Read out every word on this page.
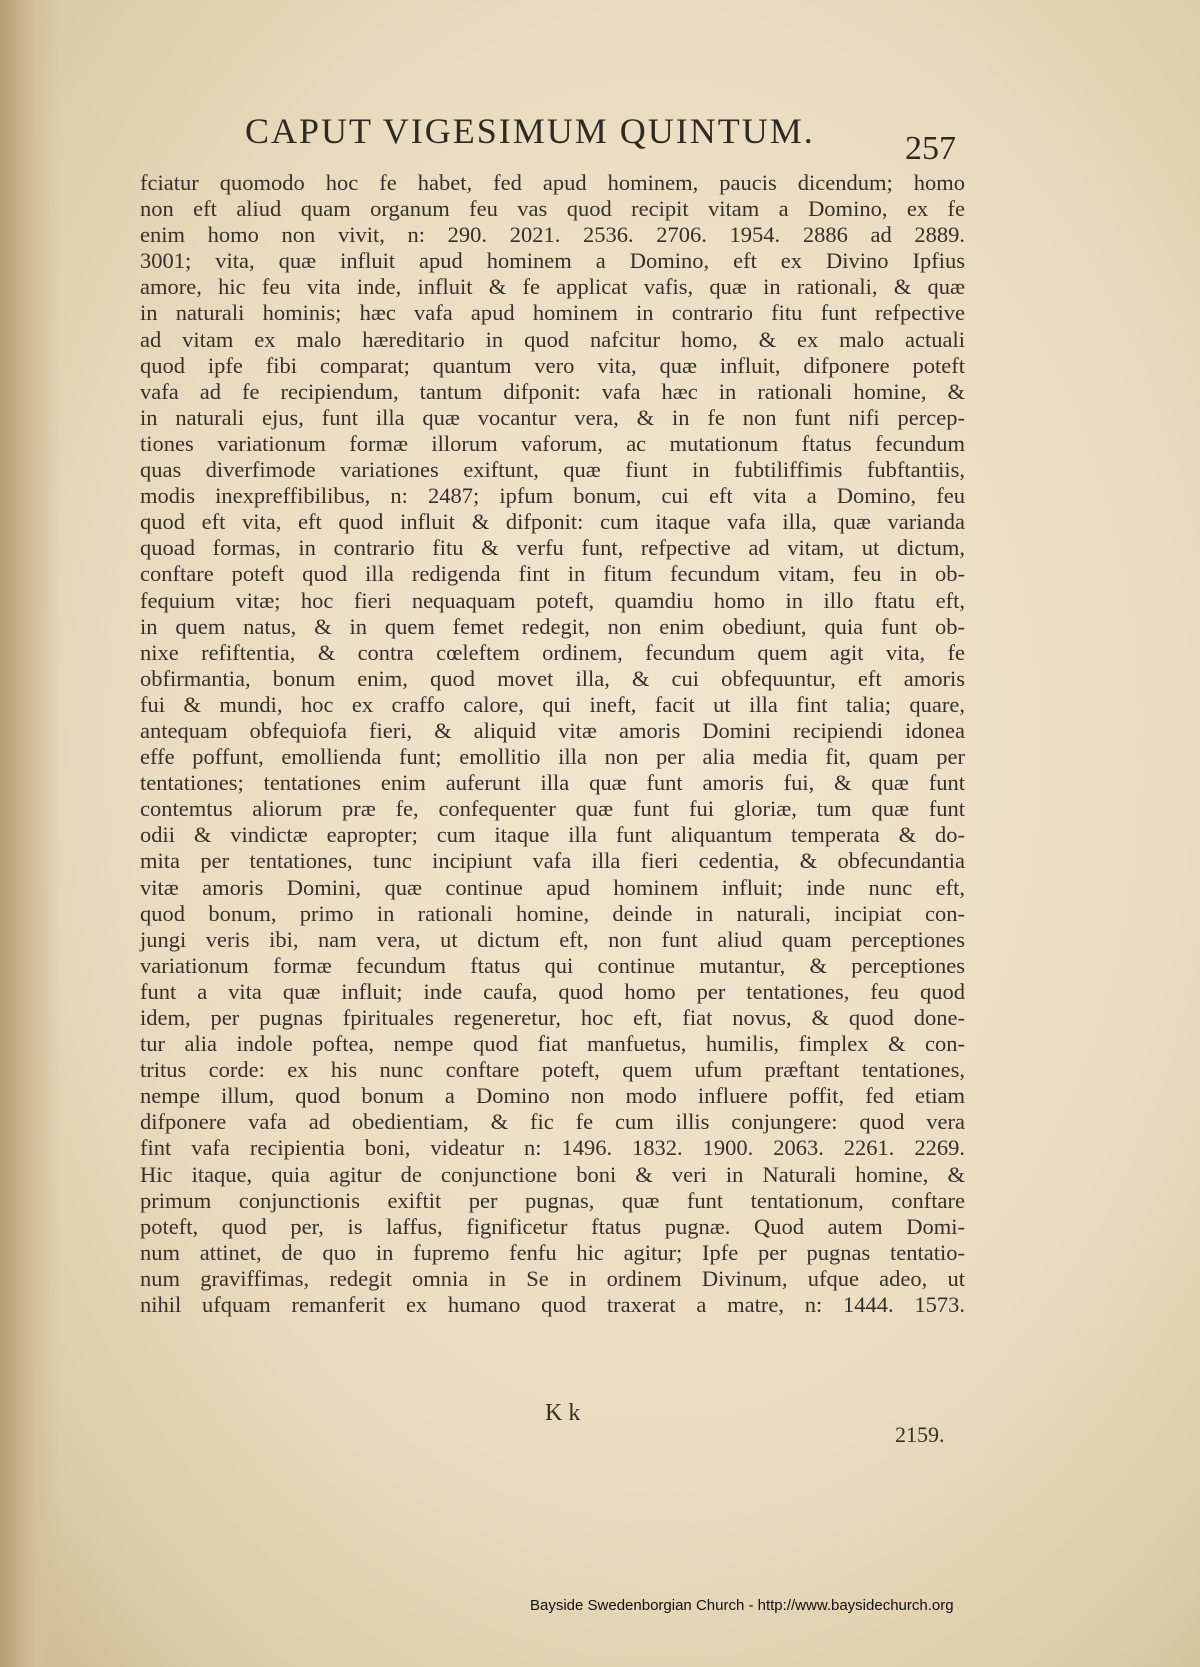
CAPUT VIGESIMUM QUINTUM.	257
fciatur quomodo hoc fe habet, fed apud hominem, paucis dicendum; homo
non eft aliud quam organum feu vas quod recipit vitam a Domino, ex fe
enim homo non vivit, n: 290. 2021. 2536. 2706. 1954. 2886 ad 2889.
3001; vita, quæ influit apud hominem a Domino, eft ex Divino Ipfius
amore, hic feu vita inde, influit & fe applicat vafis, quæ in rationali, & quæ
in naturali hominis; hæc vafa apud hominem in contrario fitu funt refpective
ad vitam ex malo hæreditario in quod nafcitur homo, & ex malo actuali
quod ipfe fibi comparat; quantum vero vita, quæ influit, difponere poteft
vafa ad fe recipiendum, tantum difponit: vafa hæc in rationali homine, &
in naturali ejus, funt illa quæ vocantur vera, & in fe non funt nifi percep-
tiones variationum formæ illorum vaforum, ac mutationum ftatus fecundum
quas diverfimode variationes exiftunt, quæ fiunt in fubtiliffimis fubftantiis,
modis inexpreffibilibus, n: 2487; ipfum bonum, cui eft vita a Domino, feu
quod eft vita, eft quod influit & difponit: cum itaque vafa illa, quæ varianda
quoad formas, in contrario fitu & verfu funt, refpective ad vitam, ut dictum,
conftare poteft quod illa redigenda fint in fitum fecundum vitam, feu in ob-
fequium vitæ; hoc fieri nequaquam poteft, quamdiu homo in illo ftatu eft,
in quem natus, & in quem femet redegit, non enim obediunt, quia funt ob-
nixe refiftentia, & contra cœleftem ordinem, fecundum quem agit vita, fe
obfirmantia, bonum enim, quod movet illa, & cui obfequuntur, eft amoris
fui & mundi, hoc ex craffo calore, qui ineft, facit ut illa fint talia; quare,
antequam obfequiofa fieri, & aliquid vitæ amoris Domini recipiendi idonea
effe poffunt, emollienda funt; emollitio illa non per alia media fit, quam per
tentationes; tentationes enim auferunt illa quæ funt amoris fui, & quæ funt
contemtus aliorum præ fe, confequenter quæ funt fui gloriæ, tum quæ funt
odii & vindictæ eapropter; cum itaque illa funt aliquantum temperata & do-
mita per tentationes, tunc incipiunt vafa illa fieri cedentia, & obfecundantia
vitæ amoris Domini, quæ continue apud hominem influit; inde nunc eft,
quod bonum, primo in rationali homine, deinde in naturali, incipiat con-
jungi veris ibi, nam vera, ut dictum eft, non funt aliud quam perceptiones
variationum formæ fecundum ftatus qui continue mutantur, & perceptiones
funt a vita quæ influit; inde caufa, quod homo per tentationes, feu quod
idem, per pugnas fpirituales regeneretur, hoc eft, fiat novus, & quod done-
tur alia indole poftea, nempe quod fiat manfuetus, humilis, fimplex & con-
tritus corde: ex his nunc conftare poteft, quem ufum præftant tentationes,
nempe illum, quod bonum a Domino non modo influere poffit, fed etiam
difponere vafa ad obedientiam, & fic fe cum illis conjungere: quod vera
fint vafa recipientia boni, videatur n: 1496. 1832. 1900. 2063. 2261. 2269.
Hic itaque, quia agitur de conjunctione boni & veri in Naturali homine, &
primum conjunctionis exiftit per pugnas, quæ funt tentationum, conftare
poteft, quod per, is laffus, fignificetur ftatus pugnæ. Quod autem Domi-
num attinet, de quo in fupremo fenfu hic agitur; Ipfe per pugnas tentatio-
num graviffimas, redegit omnia in Se in ordinem Divinum, ufque adeo, ut
nihil ufquam remanferit ex humano quod traxerat a matre, n: 1444. 1573.
K k
2159.
Bayside Swedenborgian Church - http://www.baysidechurch.org
